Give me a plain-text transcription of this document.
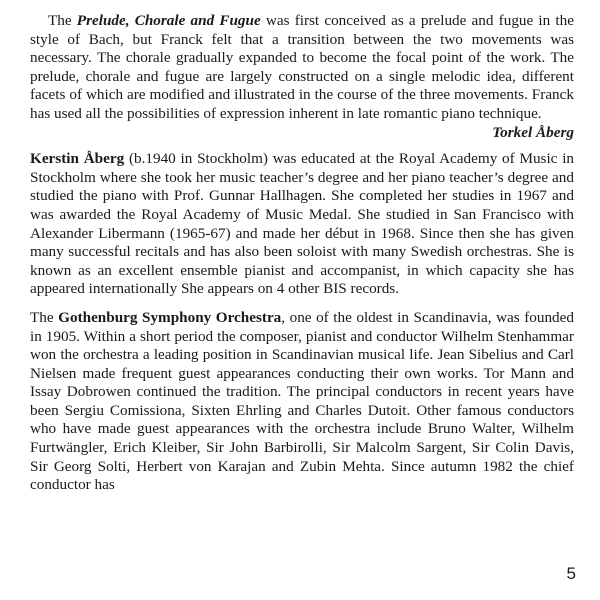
The Prelude, Chorale and Fugue was first conceived as a prelude and fugue in the style of Bach, but Franck felt that a transition between the two movements was necessary. The chorale gradually expanded to become the focal point of the work. The prelude, chorale and fugue are largely constructed on a single melodic idea, different facets of which are modified and illustrated in the course of the three movements. Franck has used all the possibilities of expression inherent in late romantic piano technique.

Torkel Åberg

Kerstin Åberg (b.1940 in Stockholm) was educated at the Royal Academy of Music in Stockholm where she took her music teacher’s degree and her piano teacher’s degree and studied the piano with Prof. Gunnar Hallhagen. She completed her studies in 1967 and was awarded the Royal Academy of Music Medal. She studied in San Francisco with Alexander Libermann (1965-67) and made her début in 1968. Since then she has given many successful recitals and has also been soloist with many Swedish orchestras. She is known as an excellent ensemble pianist and accompanist, in which capacity she has appeared internationally She appears on 4 other BIS records.

The Gothenburg Symphony Orchestra, one of the oldest in Scandinavia, was founded in 1905. Within a short period the composer, pianist and conductor Wilhelm Stenhammar won the orchestra a leading position in Scandinavian musical life. Jean Sibelius and Carl Nielsen made frequent guest appearances conducting their own works. Tor Mann and Issay Dobrowen continued the tradition. The principal conductors in recent years have been Sergiu Comissiona, Sixten Ehrling and Charles Dutoit. Other famous conductors who have made guest appearances with the orchestra include Bruno Walter, Wilhelm Furtwängler, Erich Kleiber, Sir John Barbirolli, Sir Malcolm Sargent, Sir Colin Davis, Sir Georg Solti, Herbert von Karajan and Zubin Mehta. Since autumn 1982 the chief conductor has

5
